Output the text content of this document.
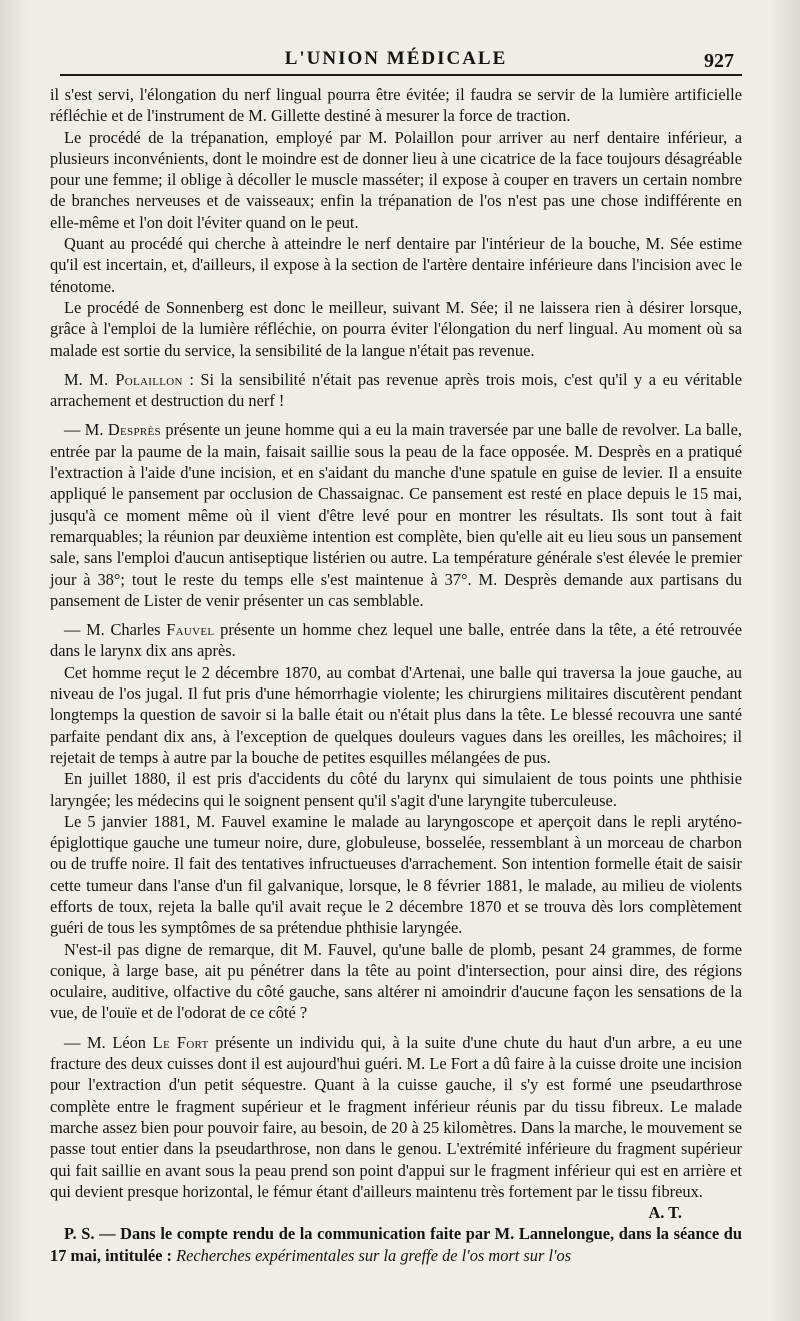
L'UNION MÉDICALE	927

il s'est servi, l'élongation du nerf lingual pourra être évitée; il faudra se servir de la lumière artificielle réfléchie et de l'instrument de M. Gillette destiné à mesurer la force de traction.

Le procédé de la trépanation, employé par M. Polaillon pour arriver au nerf dentaire inférieur, a plusieurs inconvénients, dont le moindre est de donner lieu à une cicatrice de la face toujours désagréable pour une femme; il oblige à décoller le muscle masséter; il expose à couper en travers un certain nombre de branches nerveuses et de vaisseaux; enfin la trépanation de l'os n'est pas une chose indifférente en elle-même et l'on doit l'éviter quand on le peut.

Quant au procédé qui cherche à atteindre le nerf dentaire par l'intérieur de la bouche, M. Sée estime qu'il est incertain, et, d'ailleurs, il expose à la section de l'artère dentaire inférieure dans l'incision avec le ténotome.

Le procédé de Sonnenberg est donc le meilleur, suivant M. Sée; il ne laissera rien à désirer lorsque, grâce à l'emploi de la lumière réfléchie, on pourra éviter l'élongation du nerf lingual. Au moment où sa malade est sortie du service, la sensibilité de la langue n'était pas revenue.

M. M. Polaillon : Si la sensibilité n'était pas revenue après trois mois, c'est qu'il y a eu véritable arrachement et destruction du nerf !

— M. Desprès présente un jeune homme qui a eu la main traversée par une balle de revolver. La balle, entrée par la paume de la main, faisait saillie sous la peau de la face opposée. M. Desprès en a pratiqué l'extraction à l'aide d'une incision, et en s'aidant du manche d'une spatule en guise de levier. Il a ensuite appliqué le pansement par occlusion de Chassaignac. Ce pansement est resté en place depuis le 15 mai, jusqu'à ce moment même où il vient d'être levé pour en montrer les résultats. Ils sont tout à fait remarquables; la réunion par deuxième intention est complète, bien qu'elle ait eu lieu sous un pansement sale, sans l'emploi d'aucun antiseptique listérien ou autre. La température générale s'est élevée le premier jour à 38°; tout le reste du temps elle s'est maintenue à 37°. M. Desprès demande aux partisans du pansement de Lister de venir présenter un cas semblable.

— M. Charles Fauvel présente un homme chez lequel une balle, entrée dans la tête, a été retrouvée dans le larynx dix ans après.

Cet homme reçut le 2 décembre 1870, au combat d'Artenai, une balle qui traversa la joue gauche, au niveau de l'os jugal. Il fut pris d'une hémorrhagie violente; les chirurgiens militaires discutèrent pendant longtemps la question de savoir si la balle était ou n'était plus dans la tête. Le blessé recouvra une santé parfaite pendant dix ans, à l'exception de quelques douleurs vagues dans les oreilles, les mâchoires; il rejetait de temps à autre par la bouche de petites esquilles mélangées de pus.

En juillet 1880, il est pris d'accidents du côté du larynx qui simulaient de tous points une phthisie laryngée; les médecins qui le soignent pensent qu'il s'agit d'une laryngite tuberculeuse.

Le 5 janvier 1881, M. Fauvel examine le malade au laryngoscope et aperçoit dans le repli aryténo-épiglottique gauche une tumeur noire, dure, globuleuse, bosselée, ressemblant à un morceau de charbon ou de truffe noire. Il fait des tentatives infructueuses d'arrachement. Son intention formelle était de saisir cette tumeur dans l'anse d'un fil galvanique, lorsque, le 8 février 1881, le malade, au milieu de violents efforts de toux, rejeta la balle qu'il avait reçue le 2 décembre 1870 et se trouva dès lors complètement guéri de tous les symptômes de sa prétendue phthisie laryngée.

N'est-il pas digne de remarque, dit M. Fauvel, qu'une balle de plomb, pesant 24 grammes, de forme conique, à large base, ait pu pénétrer dans la tête au point d'intersection, pour ainsi dire, des régions oculaire, auditive, olfactive du côté gauche, sans altérer ni amoindrir d'aucune façon les sensations de la vue, de l'ouïe et de l'odorat de ce côté ?

— M. Léon Le Fort présente un individu qui, à la suite d'une chute du haut d'un arbre, a eu une fracture des deux cuisses dont il est aujourd'hui guéri. M. Le Fort a dû faire à la cuisse droite une incision pour l'extraction d'un petit séquestre. Quant à la cuisse gauche, il s'y est formé une pseudarthrose complète entre le fragment supérieur et le fragment inférieur réunis par du tissu fibreux. Le malade marche assez bien pour pouvoir faire, au besoin, de 20 à 25 kilomètres. Dans la marche, le mouvement se passe tout entier dans la pseudarthrose, non dans le genou. L'extrémité inférieure du fragment supérieur qui fait saillie en avant sous la peau prend son point d'appui sur le fragment inférieur qui est en arrière et qui devient presque horizontal, le fémur étant d'ailleurs maintenu très fortement par le tissu fibreux.

A. T.

P. S. — Dans le compte rendu de la communication faite par M. Lannelongue, dans la séance du 17 mai, intitulée : Recherches expérimentales sur la greffe de l'os mort sur l'os
